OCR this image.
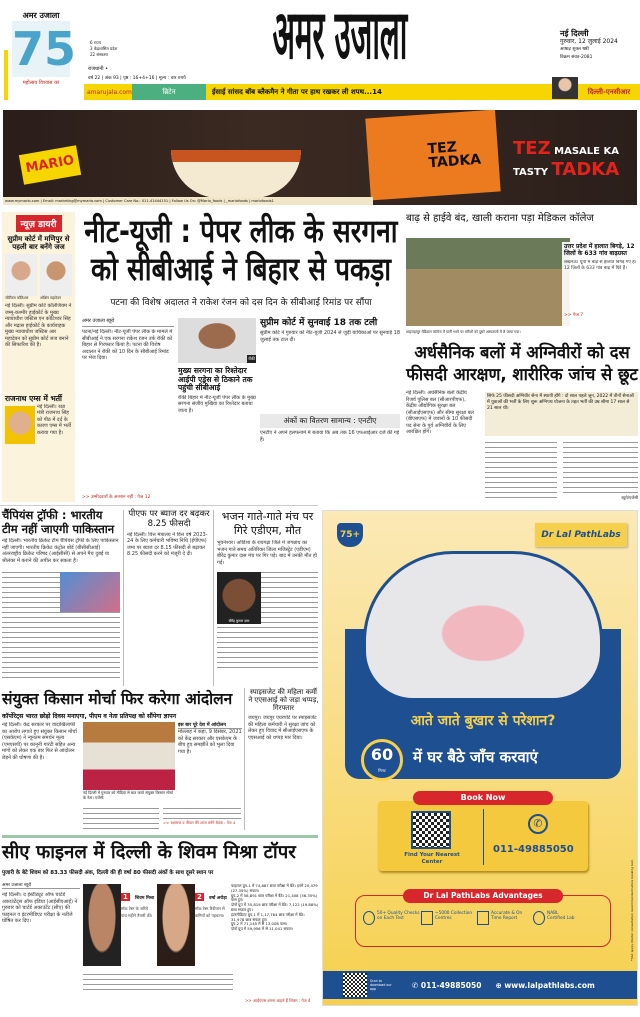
अमर उजाला
75
महोत्सव विश्वास का
6 राज्य
3 केंद्रशासित प्रदेश
22 संस्करण
राजधानी •
वर्ष 22 | अंक 93 | पृष्ठ : 16+4+16 | मूल्य : चार रुपये
अमर उजाला	नई दिल्ली
गुरुवार, 12 जुलाई 2024
आषाढ़ शुक्ल षष्ठी
विक्रम संवत-2081
amarujala.com	ब्रिटेन	ईसाई सांसद बॉब ब्लैकमैन ने गीता पर हाथ रखकर ली शपथ...14	दिल्ली-एनसीआर
MARIO
TEZ TADKA
TEZ MASALE KA
TASTY TADKA
www.mymario.com | Email: marketing@mymario.com | Customer Care No.: 011-41444151 | Follow Us On: @Mario_foods | _mariofoods | mariofoods1
न्यूज़ डायरी
सुप्रीम कोर्ट में मणिपुर से पहली बार बनेंगे जज
जोतिरज कोटिश्वर	ओशिन महादेवन
नई दिल्ली। सुप्रीम कोर्ट कॉलेजियम ने जम्मू-कश्मीर हाईकोर्ट के मुख्य न्यायाधीश जस्टिस एन कोटिश्वर सिंह और मद्रास हाईकोर्ट के कार्यवाहक मुख्य न्यायाधीश जस्टिस आर महादेवन को सुप्रीम कोर्ट जज बनाने की सिफारिश की है।
राजनाथ एम्स में भर्ती
नई दिल्ली। रक्षा मंत्री राजनाथ सिंह को पीठ में दर्द के कारण एम्स में भर्ती कराया गया है।
नीट-यूजी : पेपर लीक के सरगना को सीबीआई ने बिहार से पकड़ा
पटना की विशेष अदालत ने राकेश रंजन को दस दिन के सीबीआई रिमांड पर सौंपा
अमर उजाला ब्यूरो
पटना/नई दिल्ली। नीट-यूजी पेपर लीक के मामले में सीबीआई ने एक सरगना राकेश रंजन उर्फ रॉकी को बिहार से गिरफ्तार किया है। पटना की विशेष अदालत ने रॉकी को 10 दिन के सीबीआई रिमांड पर भेज दिया।
>> उम्मीदवारों के अनशन नहीं : पेज 12
रॉकी
मुख्य सरगना का रिश्तेदार आईपी एड्रेस से ठिकाने तक पहुंची सीबीआई
रॉकी बिहार में नीट-यूजी पेपर लीक के मुख्य सरगना संजीव मुखिया का रिश्तेदार बताया जाता है।
सुप्रीम कोर्ट में सुनवाई 18 तक टली
सुप्रीम कोर्ट ने गुरुवार को नीट-यूजी 2024 से जुड़ी याचिकाओं पर सुनवाई 18 जुलाई तक टाल दी।
अंकों का वितरण सामान्य : एनटीए
एनटीए ने अपने हलफनामे में बताया कि अब तक 16 एफआईआर दर्ज की गई हैं।
बाढ़ से हाईवे बंद, खाली कराना पड़ा मेडिकल कॉलेज
उत्तर प्रदेश में हालात बिगड़े, 12 जिलों के 633 गांव बाढ़ग्रस्त
लखनऊ। यूपी में बाढ़ से हालात बिगड़ गए हैं। 12 जिलों के 633 गांव बाढ़ में घिरे हैं।
>> पेज 7
शाहजहांपुर मेडिकल कॉलेज में पानी भरने पर मरीजों को दूसरे अस्पतालों में ले जाया गया।
अर्धसैनिक बलों में अग्निवीरों को दस फीसदी आरक्षण, शारीरिक जांच से छूट
नई दिल्ली। अर्धसैनिक बलों केंद्रीय रिजर्व पुलिस बल (सीआरपीएफ), केंद्रीय औद्योगिक सुरक्षा बल (सीआईएसएफ) और सीमा सुरक्षा बल (बीएसएफ) में जवानों के 10 फीसदी पद सेना के पूर्व अग्निवीरों के लिए आरक्षित होंगे।
सिर्फ 25 फीसदी अग्निवीर सेना में स्थायी होंगे : दो साल पहले जून, 2022 में तीनों सेनाओं में युवाओं की भर्ती के लिए शुरू अग्निपथ योजना के तहत भर्ती की उम्र सीमा 17 साल से 21 साल थी।
ब्यूरो/एजेंसी
चैंपियंस ट्रॉफी : भारतीय टीम नहीं जाएगी पाकिस्तान
नई दिल्ली। भारतीय क्रिकेट टीम चैंपियंस ट्रॉफी के लिए पाकिस्तान नहीं जाएगी। भारतीय क्रिकेट कंट्रोल बोर्ड (बीसीसीआई) अंतरराष्ट्रीय क्रिकेट परिषद (आईसीसी) से अपने मैच दुबई या श्रीलंका में कराने की अपील कर सकता है।
पीएफ पर ब्याज दर बढ़कर 8.25 फीसदी
नई दिल्ली। वित्त मंत्रालय ने वित्त वर्ष 2023-24 के लिए कर्मचारी भविष्य निधि (ईपीएफ) जमा पर ब्याज दर 8.15 फीसदी से बढ़ाकर 8.25 फीसदी करने को मंजूरी दे दी।
भजन गाते-गाते मंच पर गिरे एडीएम, मौत
भुवनेश्वर। ओडिशा के रायगढ़ा जिले में जगन्नाथ का भजन गाते समय अतिरिक्त जिला मजिस्ट्रेट (एडीएम) बीरेंद्र कुमार दास मंच पर गिर पड़े। बाद में उनकी मौत हो गई।
बीरेंद्र कुमार दास
संयुक्त किसान मोर्चा फिर करेगा आंदोलन
कॉर्पोरेट्स भारत छोड़ो दिवस मनाएगा, पीएम व नेता प्रतिपक्ष को सौंपेगा ज्ञापन
नई दिल्ली। केंद्र सरकार पर वादाखिलाफी का आरोप लगाते हुए संयुक्त किसान मोर्चा (एसकेएम) ने न्यूनतम समर्थन मूल्य (एमएसपी) पर कानूनी गारंटी सहित अन्य मांगों को लेकर एक बार फिर से आंदोलन छेड़ने की घोषणा की है।
नई दिल्ली में गुरुवार को मीडिया से बात करते संयुक्त किसान मोर्चा के नेता। एजेंसी
इस बार पूरे देश में आंदोलन
मोल्लाह ने कहा, 9 दिसंबर, 2021 को केंद्र सरकार और एसकेएम के बीच हुए समझौते को भुला दिया गया है।
>> रक्षाराज व पीयल की आज करेंगे बैठक : पेज 4
स्पाइसजेट की महिला कर्मी ने एएसआई को जड़ा थप्पड़, गिरफ्तार
जयपुर। जयपुर एयरपोर्ट पर स्पाइसजेट की महिला कर्मचारी ने सुरक्षा जांच को लेकर हुए विवाद में सीआईएसएफ के एएसआई को थप्पड़ मार दिया।
सीए फाइनल में दिल्ली के शिवम मिश्रा टॉपर
पुजारी के बेटे शिवम को 83.33 फीसदी अंक, दिल्ली की ही वर्षा 80 फीसदी अंकों के साथ दूसरे स्थान पर
अमर उजाला ब्यूरो
नई दिल्ली। द इंस्टीट्यूट ऑफ चार्टर्ड अकाउंटेंट्स ऑफ इंडिया (आईसीएआई) ने गुरुवार को चार्टर्ड अकाउंटेंट (सीए) की फाइनल व इंटरमीडिएट परीक्षा के नतीजे घोषित कर दिए।
1 शिवम मिश्रा
मॉक टेस्ट के जरिये पांच महीने तैयारी की।
2 वर्षा अरोड़ा
मॉक टेस्ट रिवीजन से कमियों को पहचाना।
फाइनल ग्रुप-1 में 74,887 छात्र परीक्षा में बैठे। इनमें 20,479 (27.35%) सफल।
ग्रुप-2 में 58,891 छात्र परीक्षा में बैठे। 21,408 (36.35%) पास हुए।
दोनों ग्रुप में 35,819 छात्र परीक्षा में बैठे। 7,122 (19.88%) छात्र सफल हुए।
इंटरमीडिएट ग्रुप-1 में 1,17,764 छात्र परीक्षा में बैठे। 31,978 छात्र सफल हुए।
ग्रुप-2 में 71,145 में से 13,008 पास।
दोनों ग्रुप में 59,956 में से 11,041 सफल।
>> आईएएस बनना चाहते हैं शिवम : पेज 4
75+	Dr Lal PathLabs
आते जाते बुखार से परेशान?
60
मिनट
में घर बैठे जाँच करवाएं
Book Now
Find Your Nearest Center
✆
011-49885050
Dr Lal PathLabs Advantages
50+ Quality Checks on Each Test
~5000 Collection Centres
Accurate & On Time Report
NABL Certified Lab	*T&C apply. Doctor consultation recommended before booking test.
Scan to download our app	✆ 011-49885050 ⊕ www.lalpathlabs.com
